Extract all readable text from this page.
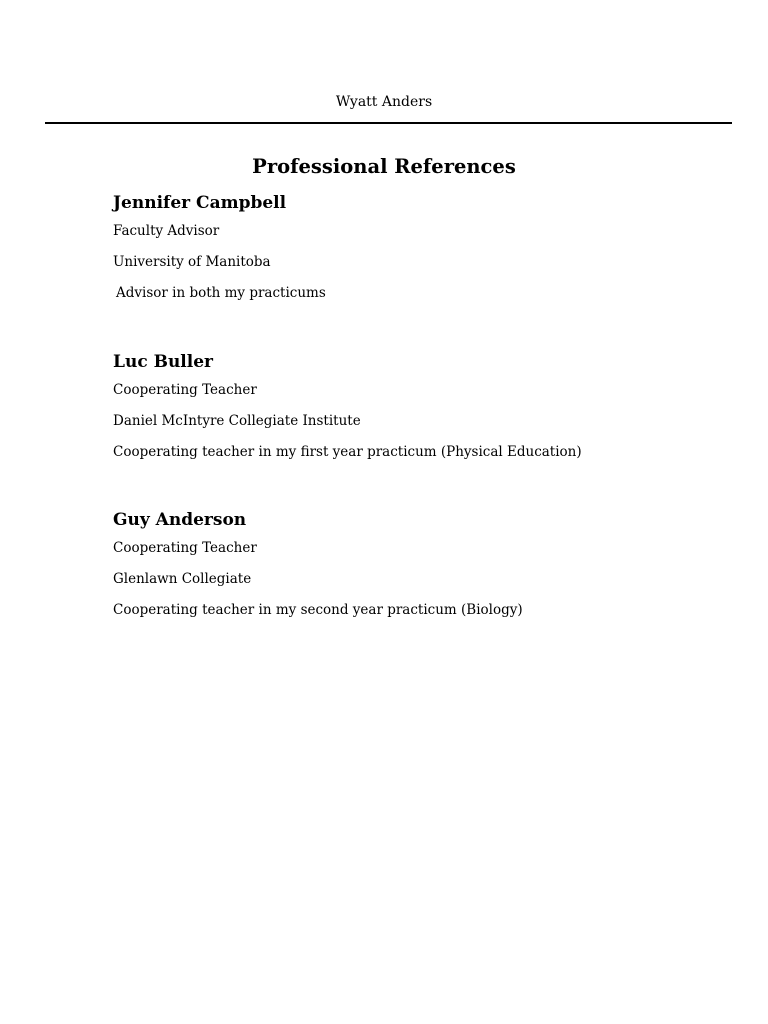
Wyatt Anders
Professional References
Jennifer Campbell
Faculty Advisor
University of Manitoba
Advisor in both my practicums
Luc Buller
Cooperating Teacher
Daniel McIntyre Collegiate Institute
Cooperating teacher in my first year practicum (Physical Education)
Guy Anderson
Cooperating Teacher
Glenlawn Collegiate
Cooperating teacher in my second year practicum (Biology)
